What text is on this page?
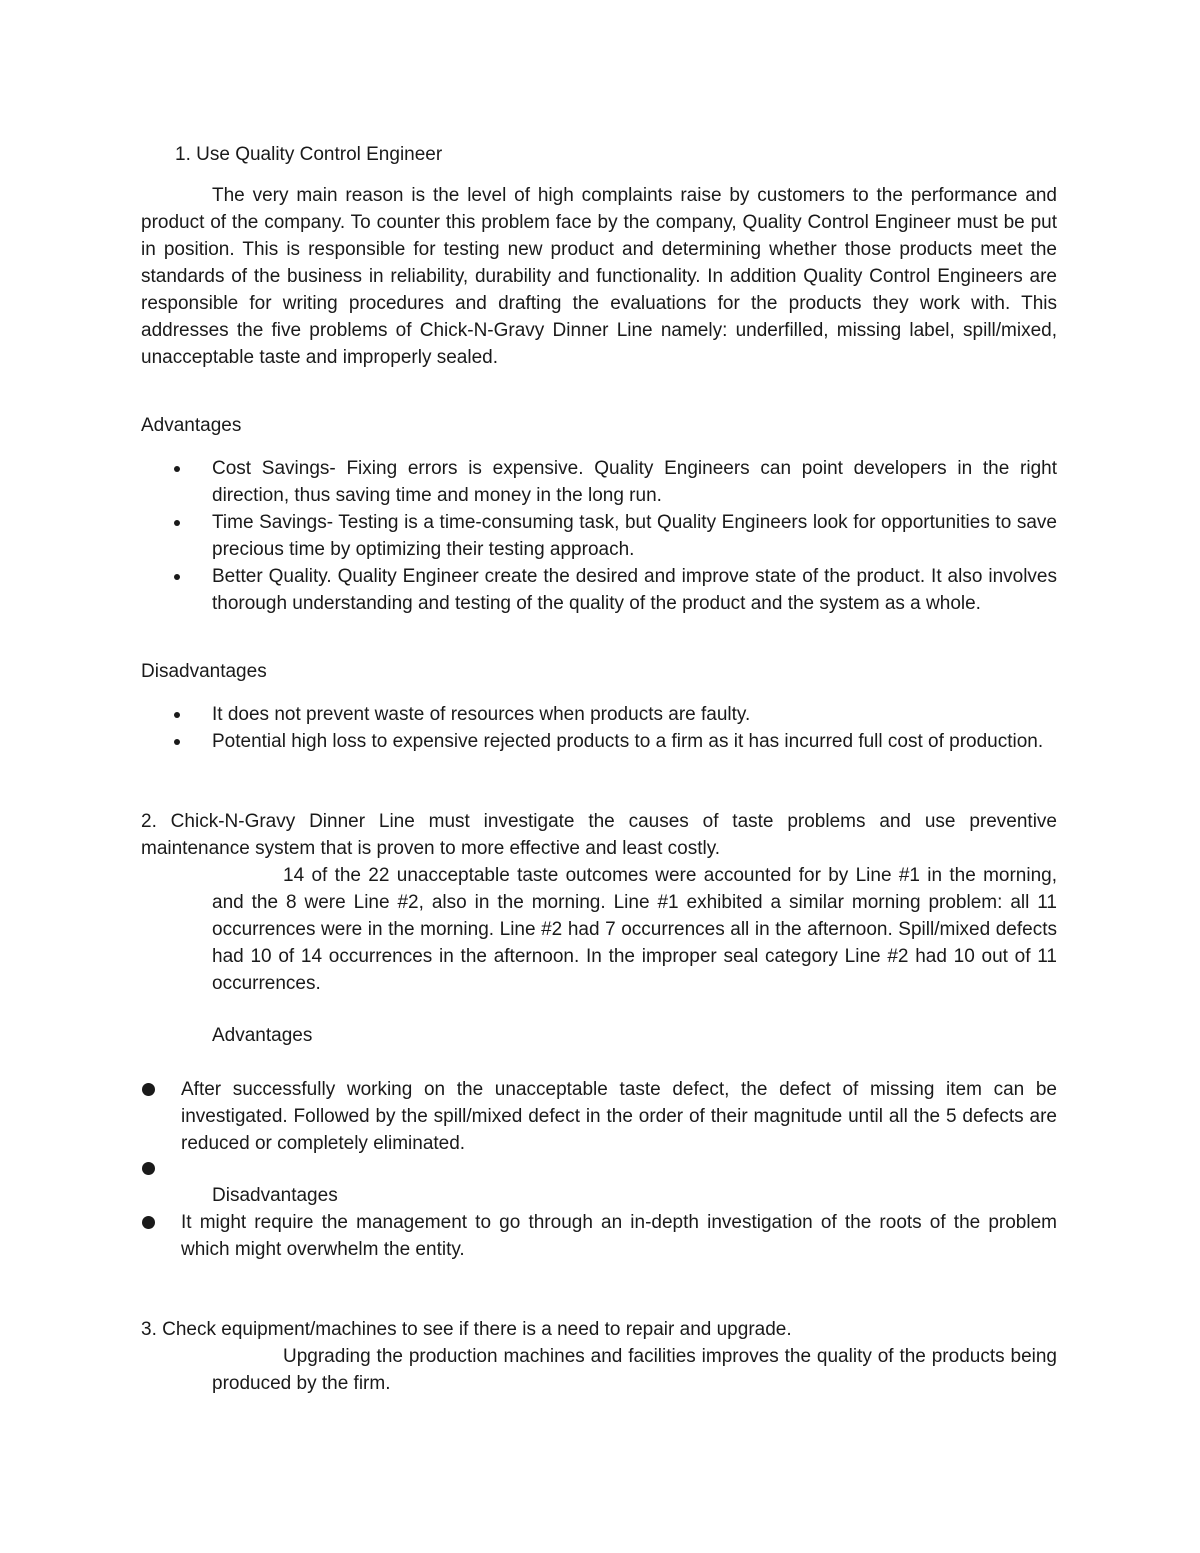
1. Use Quality Control Engineer

The very main reason is the level of high complaints raise by customers to the performance and product of the company. To counter this problem face by the company, Quality Control Engineer must be put in position. This is responsible for testing new product and determining whether those products meet the standards of the business in reliability, durability and functionality. In addition Quality Control Engineers are responsible for writing procedures and drafting the evaluations for the products they work with. This addresses the five problems of Chick-N-Gravy Dinner Line namely: underfilled, missing label, spill/mixed, unacceptable taste and improperly sealed.

Advantages

Cost Savings- Fixing errors is expensive. Quality Engineers can point developers in the right direction, thus saving time and money in the long run.
Time Savings- Testing is a time-consuming task, but Quality Engineers look for opportunities to save precious time by optimizing their testing approach.
Better Quality. Quality Engineer create the desired and improve state of the product. It also involves thorough understanding and testing of the quality of the product and the system as a whole.

Disadvantages

It does not prevent waste of resources when products are faulty.
Potential high loss to expensive rejected products to a firm as it has incurred full cost of production.

2. Chick-N-Gravy Dinner Line must investigate the causes of taste problems and use preventive maintenance system that is proven to more effective and least costly.

14 of the 22 unacceptable taste outcomes were accounted for by Line #1 in the morning, and the 8 were Line #2, also in the morning. Line #1 exhibited a similar morning problem: all 11 occurrences were in the morning. Line #2 had 7 occurrences all in the afternoon. Spill/mixed defects had 10 of 14 occurrences in the afternoon. In the improper seal category Line #2 had 10 out of 11 occurrences.

Advantages

After successfully working on the unacceptable taste defect, the defect of missing item can be investigated. Followed by the spill/mixed defect in the order of their magnitude until all the 5 defects are reduced or completely eliminated.

Disadvantages

It might require the management to go through an in-depth investigation of the roots of the problem which might overwhelm the entity.

3. Check equipment/machines to see if there is a need to repair and upgrade.

Upgrading the production machines and facilities improves the quality of the products being produced by the firm.
